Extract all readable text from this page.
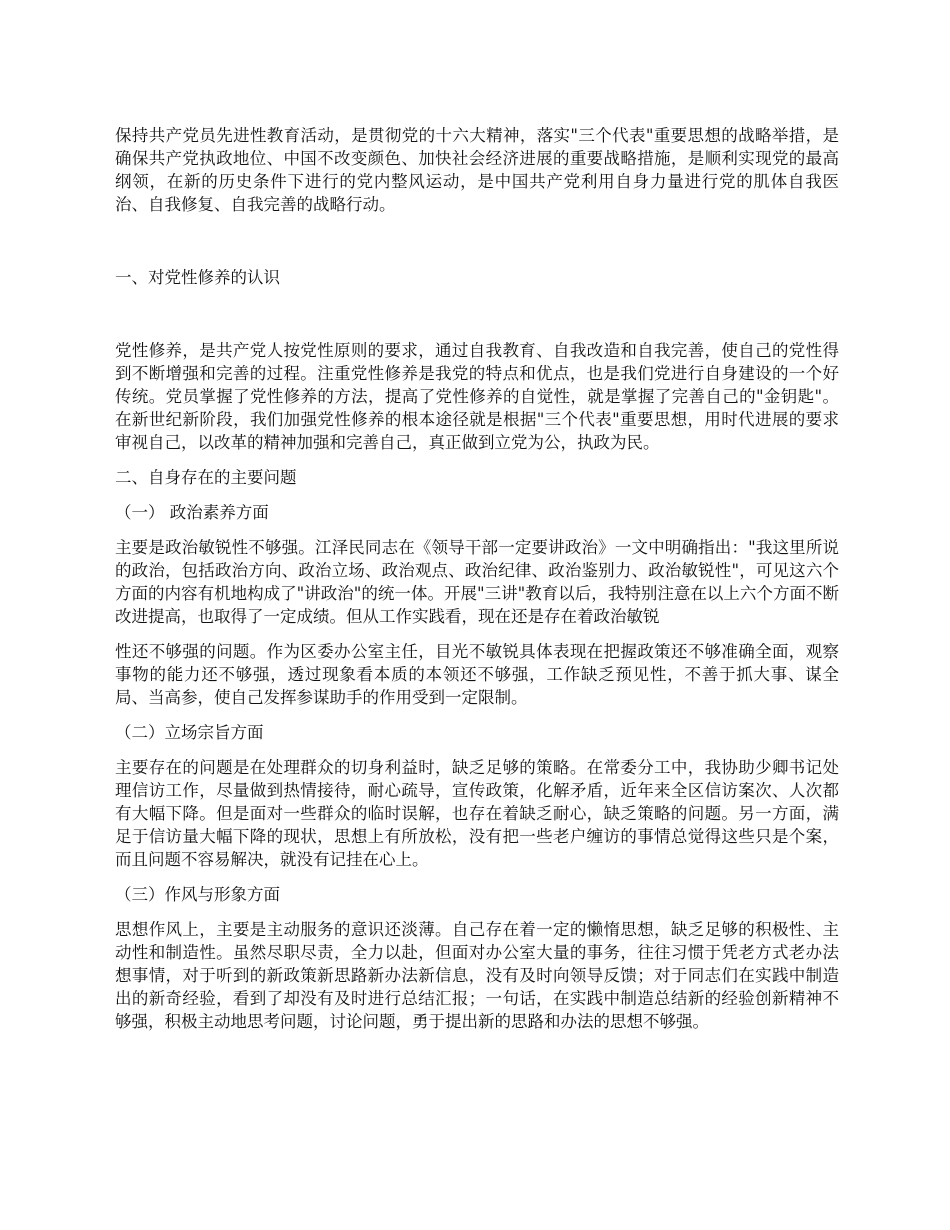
保持共产党员先进性教育活动，是贯彻党的十六大精神，落实"三个代表"重要思想的战略举措，是确保共产党执政地位、中国不改变颜色、加快社会经济进展的重要战略措施，是顺利实现党的最高纲领，在新的历史条件下进行的党内整风运动，是中国共产党利用自身力量进行党的肌体自我医治、自我修复、自我完善的战略行动。

一、对党性修养的认识

党性修养，是共产党人按党性原则的要求，通过自我教育、自我改造和自我完善，使自己的党性得到不断增强和完善的过程。注重党性修养是我党的特点和优点，也是我们党进行自身建设的一个好传统。党员掌握了党性修养的方法，提高了党性修养的自觉性，就是掌握了完善自己的"金钥匙"。在新世纪新阶段，我们加强党性修养的根本途径就是根据"三个代表"重要思想，用时代进展的要求审视自己，以改革的精神加强和完善自己，真正做到立党为公，执政为民。

二、自身存在的主要问题

（一） 政治素养方面

主要是政治敏锐性不够强。江泽民同志在《领导干部一定要讲政治》一文中明确指出："我这里所说的政治，包括政治方向、政治立场、政治观点、政治纪律、政治鉴别力、政治敏锐性"，可见这六个方面的内容有机地构成了"讲政治"的统一体。开展"三讲"教育以后，我特别注意在以上六个方面不断改进提高，也取得了一定成绩。但从工作实践看，现在还是存在着政治敏锐

性还不够强的问题。作为区委办公室主任，目光不敏锐具体表现在把握政策还不够准确全面，观察事物的能力还不够强，透过现象看本质的本领还不够强，工作缺乏预见性，不善于抓大事、谋全局、当高参，使自己发挥参谋助手的作用受到一定限制。

（二）立场宗旨方面

主要存在的问题是在处理群众的切身利益时，缺乏足够的策略。在常委分工中，我协助少卿书记处理信访工作，尽量做到热情接待，耐心疏导，宣传政策，化解矛盾，近年来全区信访案次、人次都有大幅下降。但是面对一些群众的临时误解，也存在着缺乏耐心，缺乏策略的问题。另一方面，满足于信访量大幅下降的现状，思想上有所放松，没有把一些老户缠访的事情总觉得这些只是个案，而且问题不容易解决，就没有记挂在心上。

（三）作风与形象方面

思想作风上，主要是主动服务的意识还淡薄。自己存在着一定的懒惰思想，缺乏足够的积极性、主动性和制造性。虽然尽职尽责，全力以赴，但面对办公室大量的事务，往往习惯于凭老方式老办法想事情，对于听到的新政策新思路新办法新信息，没有及时向领导反馈；对于同志们在实践中制造出的新奇经验，看到了却没有及时进行总结汇报；一句话，在实践中制造总结新的经验创新精神不够强，积极主动地思考问题，讨论问题，勇于提出新的思路和办法的思想不够强。
